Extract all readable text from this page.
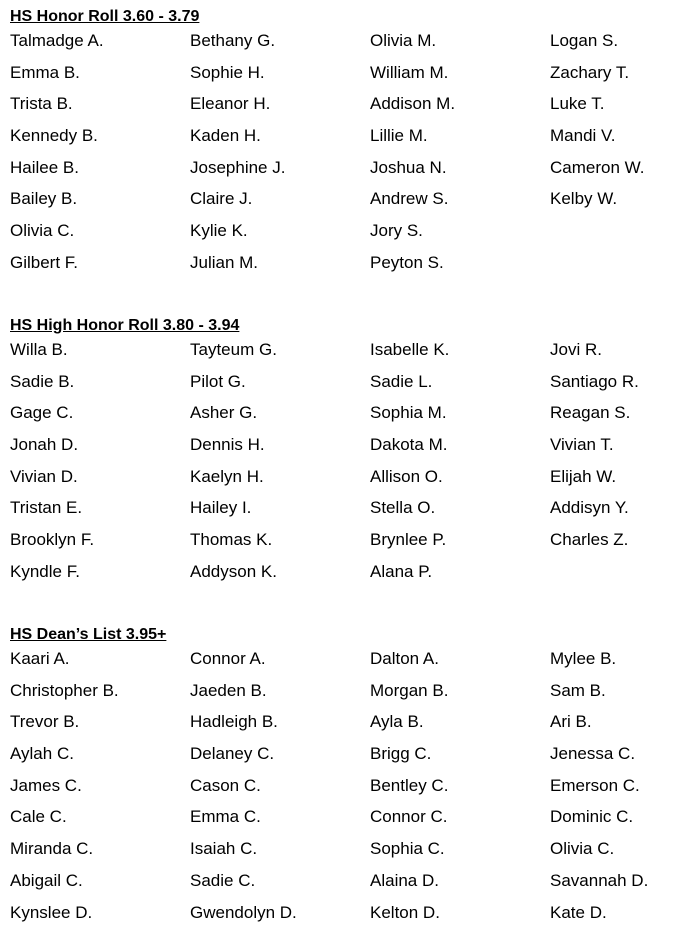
HS Honor Roll 3.60 - 3.79
Talmadge A.	Bethany G.	Olivia M.	Logan S.
Emma B.	Sophie H.	William M.	Zachary T.
Trista B.	Eleanor H.	Addison M.	Luke T.
Kennedy B.	Kaden H.	Lillie M.	Mandi V.
Hailee B.	Josephine J.	Joshua N.	Cameron W.
Bailey B.	Claire J.	Andrew S.	Kelby W.
Olivia C.	Kylie K.	Jory S.
Gilbert F.	Julian M.	Peyton S.
HS High Honor Roll 3.80 - 3.94
Willa B.	Tayteum G.	Isabelle K.	Jovi R.
Sadie B.	Pilot G.	Sadie L.	Santiago R.
Gage C.	Asher G.	Sophia M.	Reagan S.
Jonah D.	Dennis H.	Dakota M.	Vivian T.
Vivian D.	Kaelyn H.	Allison O.	Elijah W.
Tristan E.	Hailey I.	Stella O.	Addisyn Y.
Brooklyn F.	Thomas K.	Brynlee P.	Charles Z.
Kyndle F.	Addyson K.	Alana P.
HS Dean’s List 3.95+
Kaari A.	Connor A.	Dalton A.	Mylee B.
Christopher B.	Jaeden B.	Morgan B.	Sam B.
Trevor B.	Hadleigh B.	Ayla B.	Ari B.
Aylah C.	Delaney C.	Brigg C.	Jenessa C.
James C.	Cason C.	Bentley C.	Emerson C.
Cale C.	Emma C.	Connor C.	Dominic C.
Miranda C.	Isaiah C.	Sophia C.	Olivia C.
Abigail C.	Sadie C.	Alaina D.	Savannah D.
Kynslee D.	Gwendolyn D.	Kelton D.	Kate D.
